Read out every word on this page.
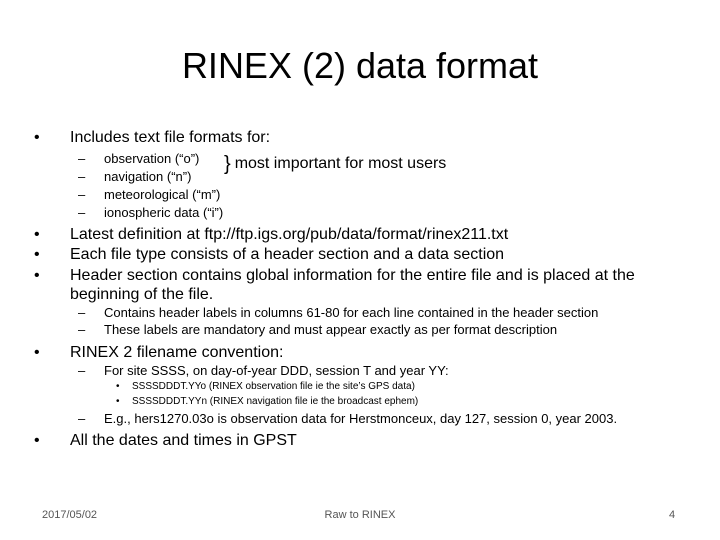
RINEX (2) data format
• Includes text file formats for:
– observation (“o”)
– navigation (“n”)
– meteorological (“m”)
– ionospheric data (“i”)
} most important for most users
• Latest definition at ftp://ftp.igs.org/pub/data/format/rinex211.txt
• Each file type consists of a header section and a data section
• Header section contains global information for the entire file and is placed at the
beginning of the file.
– Contains header labels in columns 61-80 for each line contained in the header section
– These labels are mandatory and must appear exactly as per format description
• RINEX 2 filename convention:
– For site SSSS, on day-of-year DDD, session T and year YY:
• SSSSDDDT.YYo (RINEX observation file ie the site’s GPS data)
• SSSSDDDT.YYn (RINEX navigation file ie the broadcast ephem)
– E.g., hers1270.03o is observation data for Herstmonceux, day 127, session 0, year 2003.
• All the dates and times in GPST
2017/05/02	Raw to RINEX	4
